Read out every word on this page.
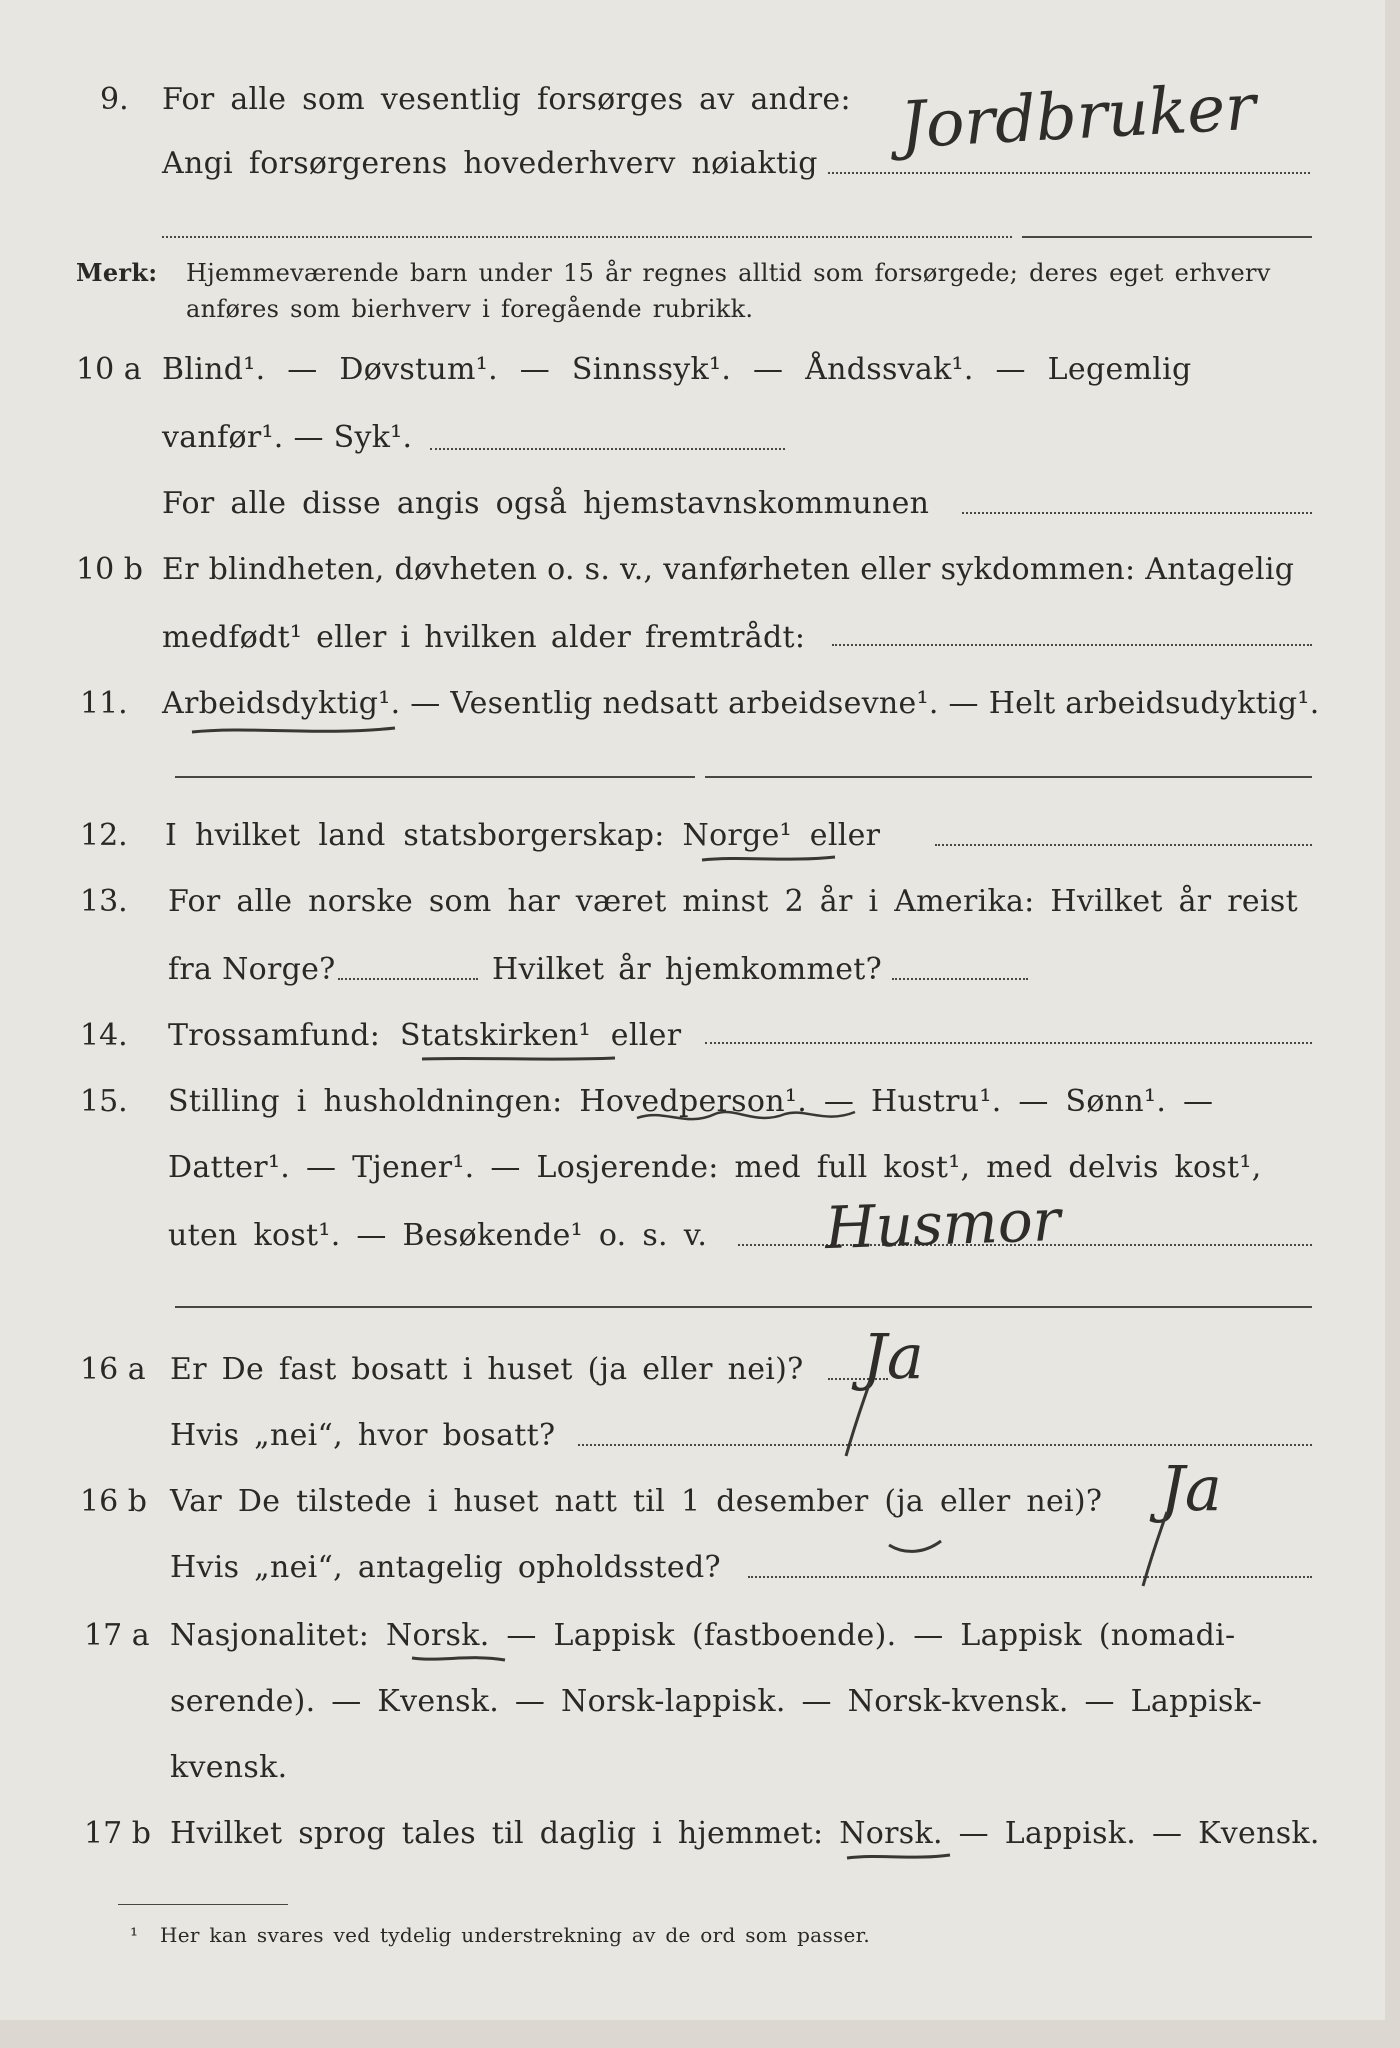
9. For alle som vesentlig forsørges av andre:
Angi forsørgerens hovederhverv nøiaktig
Jordbruker
Merk: Hjemmeværende barn under 15 år regnes alltid som forsørgede; deres eget erhverv
anføres som bierhverv i foregående rubrikk.
10 a Blind¹. — Døvstum¹. — Sinnssyk¹. — Åndssvak¹. — Legemlig
vanfør¹. — Syk¹.
For alle disse angis også hjemstavnskommunen
10 b Er blindheten, døvheten o. s. v., vanførheten eller sykdommen: Antagelig
medfødt¹ eller i hvilken alder fremtrådt:
11. Arbeidsdyktig¹. — Vesentlig nedsatt arbeidsevne¹. — Helt arbeidsudyktig¹.
12. I hvilket land statsborgerskap: Norge¹ eller
13. For alle norske som har været minst 2 år i Amerika: Hvilket år reist
fra Norge?	Hvilket år hjemkommet?
14. Trossamfund: Statskirken¹ eller
15. Stilling i husholdningen: Hovedperson¹. — Hustru¹. — Sønn¹. —
Datter¹. — Tjener¹. — Losjerende: med full kost¹, med delvis kost¹,
uten kost¹. — Besøkende¹ o. s. v. Husmor
16 a Er De fast bosatt i huset (ja eller nei)? Ja
Hvis „nei“, hvor bosatt?
16 b Var De tilstede i huset natt til 1 desember (ja eller nei)? Ja
Hvis „nei“, antagelig opholdssted?
17 a Nasjonalitet: Norsk. — Lappisk (fastboende). — Lappisk (nomadi-
serende). — Kvensk. — Norsk-lappisk. — Norsk-kvensk. — Lappisk-
kvensk.
17 b Hvilket sprog tales til daglig i hjemmet: Norsk. — Lappisk. — Kvensk.
¹ Her kan svares ved tydelig understrekning av de ord som passer.
